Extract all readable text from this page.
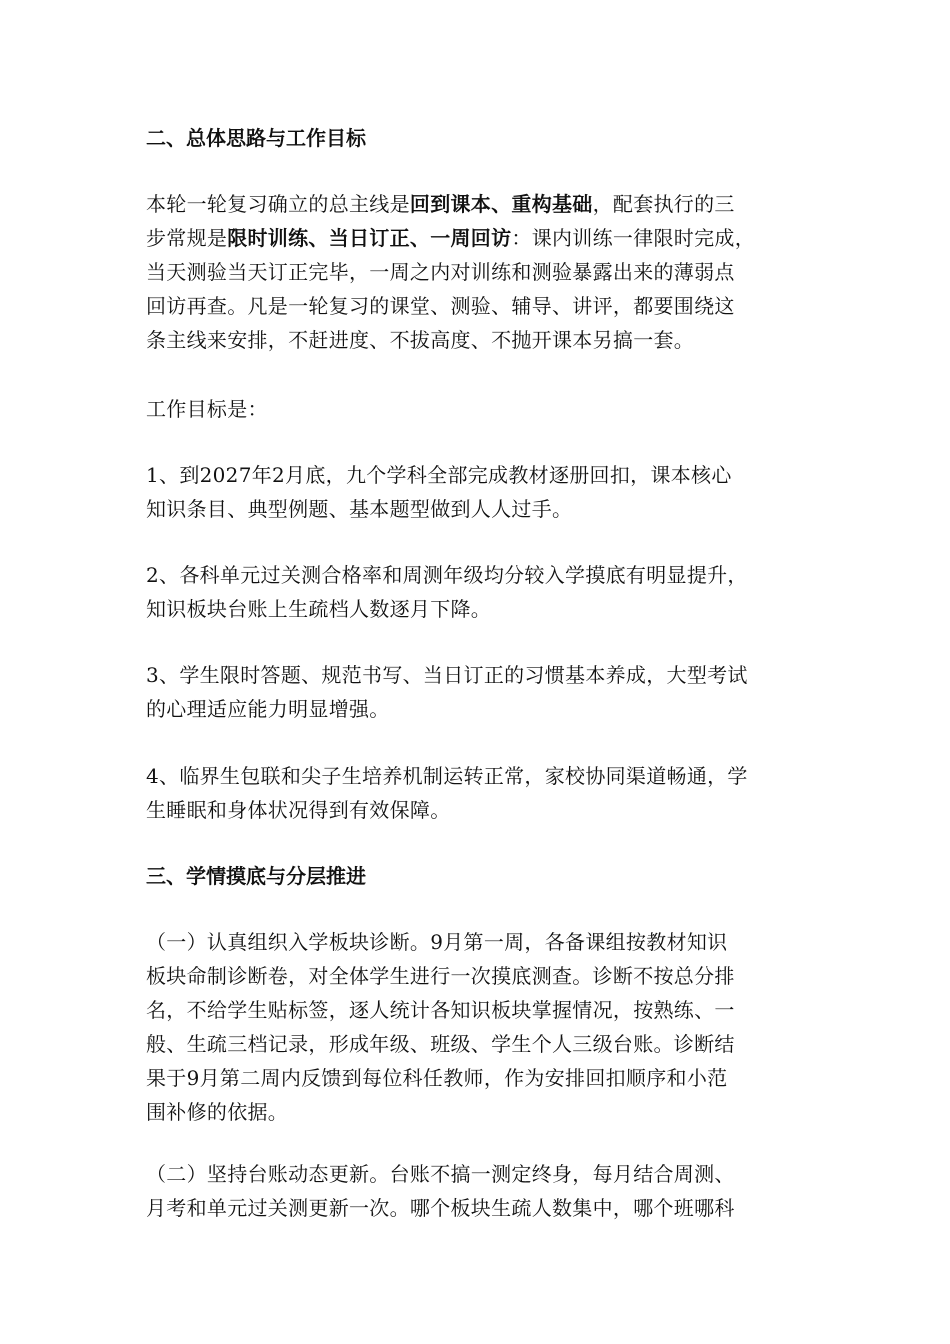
二、总体思路与工作目标
本轮一轮复习确立的总主线是回到课本、重构基础，配套执行的三
步常规是限时训练、当日订正、一周回访：课内训练一律限时完成，
当天测验当天订正完毕，一周之内对训练和测验暴露出来的薄弱点
回访再查。凡是一轮复习的课堂、测验、辅导、讲评，都要围绕这
条主线来安排，不赶进度、不拔高度、不抛开课本另搞一套。
工作目标是：
1、到2027年2月底，九个学科全部完成教材逐册回扣，课本核心
知识条目、典型例题、基本题型做到人人过手。
2、各科单元过关测合格率和周测年级均分较入学摸底有明显提升，
知识板块台账上生疏档人数逐月下降。
3、学生限时答题、规范书写、当日订正的习惯基本养成，大型考试
的心理适应能力明显增强。
4、临界生包联和尖子生培养机制运转正常，家校协同渠道畅通，学
生睡眠和身体状况得到有效保障。
三、学情摸底与分层推进
（一）认真组织入学板块诊断。9月第一周，各备课组按教材知识
板块命制诊断卷，对全体学生进行一次摸底测查。诊断不按总分排
名，不给学生贴标签，逐人统计各知识板块掌握情况，按熟练、一
般、生疏三档记录，形成年级、班级、学生个人三级台账。诊断结
果于9月第二周内反馈到每位科任教师，作为安排回扣顺序和小范
围补修的依据。
（二）坚持台账动态更新。台账不搞一测定终身，每月结合周测、
月考和单元过关测更新一次。哪个板块生疏人数集中，哪个班哪科
